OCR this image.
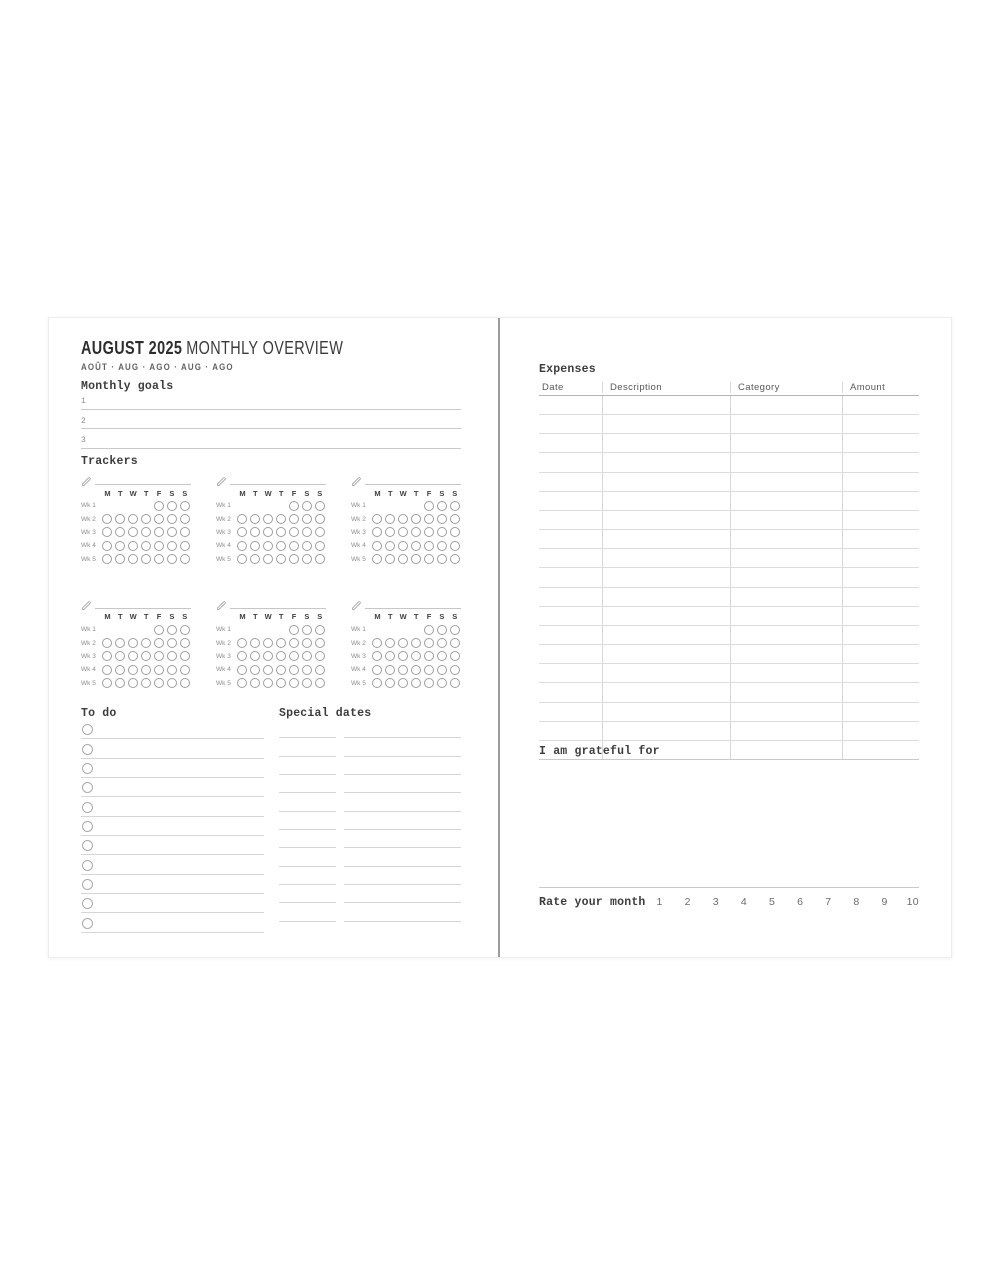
AUGUST 2025 MONTHLY OVERVIEW
AOÛT · AUG · AGO · AUG · AGO
Monthly goals
1
2
3
Trackers
M T W T	F	S	S
Wk 1
Wk 2
Wk 3
Wk 4
Wk 5
M T W T	F	S	S
Wk 1
Wk 2
Wk 3
Wk 4
Wk 5
M T W T	F	S	S
Wk 1
Wk 2
Wk 3
Wk 4
Wk 5
M T W T	F	S	S
Wk 1
Wk 2
Wk 3
Wk 4
Wk 5
M T W T	F	S	S
Wk 1
Wk 2
Wk 3
Wk 4
Wk 5
M T W T	F	S	S
Wk 1
Wk 2
Wk 3
Wk 4
Wk 5
To do	Special dates
Expenses
Date	Description	Category	Amount
I am grateful for
Rate your month 1 2 3 4 5 6 7 8 9 10
